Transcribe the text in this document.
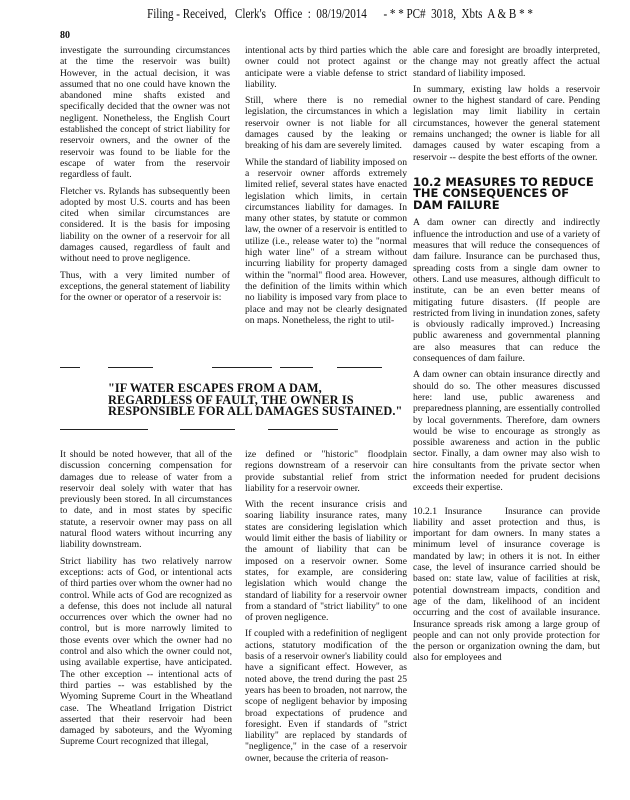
Filing - Received,   Clerk's   Office  :  08/19/2014      - * * PC#  3018,  Xbts  A & B * *
80

investigate the surrounding circumstances at the time the reservoir was built) However, in the actual decision, it was assumed that no one could have known the abandoned mine shafts existed and specifically decided that the owner was not negligent. Nonetheless, the English Court established the concept of strict liability for reservoir owners, and the owner of the reservoir was found to be liable for the escape of water from the reservoir regardless of fault.

Fletcher vs. Rylands has subsequently been adopted by most U.S. courts and has been cited when similar circumstances are considered. It is the basis for imposing liability on the owner of a reservoir for all damages caused, regardless of fault and without need to prove negligence.

Thus, with a very limited number of exceptions, the general statement of liability for the owner or operator of a reservoir is:

intentional acts by third parties which the owner could not protect against or anticipate were a viable defense to strict liability.

Still, where there is no remedial legislation, the circumstances in which a reservoir owner is not liable for all damages caused by the leaking or breaking of his dam are severely limited.

While the standard of liability imposed on a reservoir owner affords extremely limited relief, several states have enacted legislation which limits, in certain circumstances liability for damages. In many other states, by statute or common law, the owner of a reservoir is entitled to utilize (i.e., release water to) the "normal high water line" of a stream without incurring liability for property damaged within the "normal" flood area. However, the definition of the limits within which no liability is imposed vary from place to place and may not be clearly designated on maps. Nonetheless, the right to util-

"IF WATER ESCAPES FROM A DAM, REGARDLESS OF FAULT, THE OWNER IS RESPONSIBLE FOR ALL DAMAGES SUSTAINED."

It should be noted however, that all of the discussion concerning compensation for damages due to release of water from a reservoir deal solely with water that has previously been stored. In all circumstances to date, and in most states by specific statute, a reservoir owner may pass on all natural flood waters without incurring any liability downstream.

Strict liability has two relatively narrow exceptions: acts of God, or intentional acts of third parties over whom the owner had no control. While acts of God are recognized as a defense, this does not include all natural occurrences over which the owner had no control, but is more narrowly limited to those events over which the owner had no control and also which the owner could not, using available expertise, have anticipated. The other exception -- intentional acts of third parties -- was established by the Wyoming Supreme Court in the Wheatland case. The Wheatland Irrigation District asserted that their reservoir had been damaged by saboteurs, and the Wyoming Supreme Court recognized that illegal,

ize defined or "historic" floodplain regions downstream of a reservoir can provide substantial relief from strict liability for a reservoir owner.

With the recent insurance crisis and soaring liability insurance rates, many states are considering legislation which would limit either the basis of liability or the amount of liability that can be imposed on a reservoir owner. Some states, for example, are considering legislation which would change the standard of liability for a reservoir owner from a standard of "strict liability" to one of proven negligence.

If coupled with a redefinition of negligent actions, statutory modification of the basis of a reservoir owner's liability could have a significant effect. However, as noted above, the trend during the past 25 years has been to broaden, not narrow, the scope of negligent behavior by imposing broad expectations of prudence and foresight. Even if standards of "strict liability" are replaced by standards of "negligence," in the case of a reservoir owner, because the criteria of reason-

able care and foresight are broadly interpreted, the change may not greatly affect the actual standard of liability imposed.

In summary, existing law holds a reservoir owner to the highest standard of care. Pending legislation may limit liability in certain circumstances, however the general statement remains unchanged; the owner is liable for all damages caused by water escaping from a reservoir -- despite the best efforts of the owner.

10.2 MEASURES TO REDUCE THE CONSEQUENCES OF DAM FAILURE

A dam owner can directly and indirectly influence the introduction and use of a variety of measures that will reduce the consequences of dam failure. Insurance can be purchased thus, spreading costs from a single dam owner to others. Land use measures, although difficult to institute, can be an even better means of mitigating future disasters. (If people are restricted from living in inundation zones, safety is obviously radically improved.) Increasing public awareness and governmental planning are also measures that can reduce the consequences of dam failure.

A dam owner can obtain insurance directly and should do so. The other measures discussed here: land use, public awareness and preparedness planning, are essentially controlled by local governments. Therefore, dam owners would be wise to encourage as strongly as possible awareness and action in the public sector. Finally, a dam owner may also wish to hire consultants from the private sector when the information needed for prudent decisions exceeds their expertise.

10.2.1 Insurance Insurance can provide liability and asset protection and thus, is important for dam owners. In many states a minimum level of insurance coverage is mandated by law; in others it is not. In either case, the level of insurance carried should be based on: state law, value of facilities at risk, potential downstream impacts, condition and age of the dam, likelihood of an incident occurring and the cost of available insurance. Insurance spreads risk among a large group of people and can not only provide protection for the person or organization owning the dam, but also for employees and
